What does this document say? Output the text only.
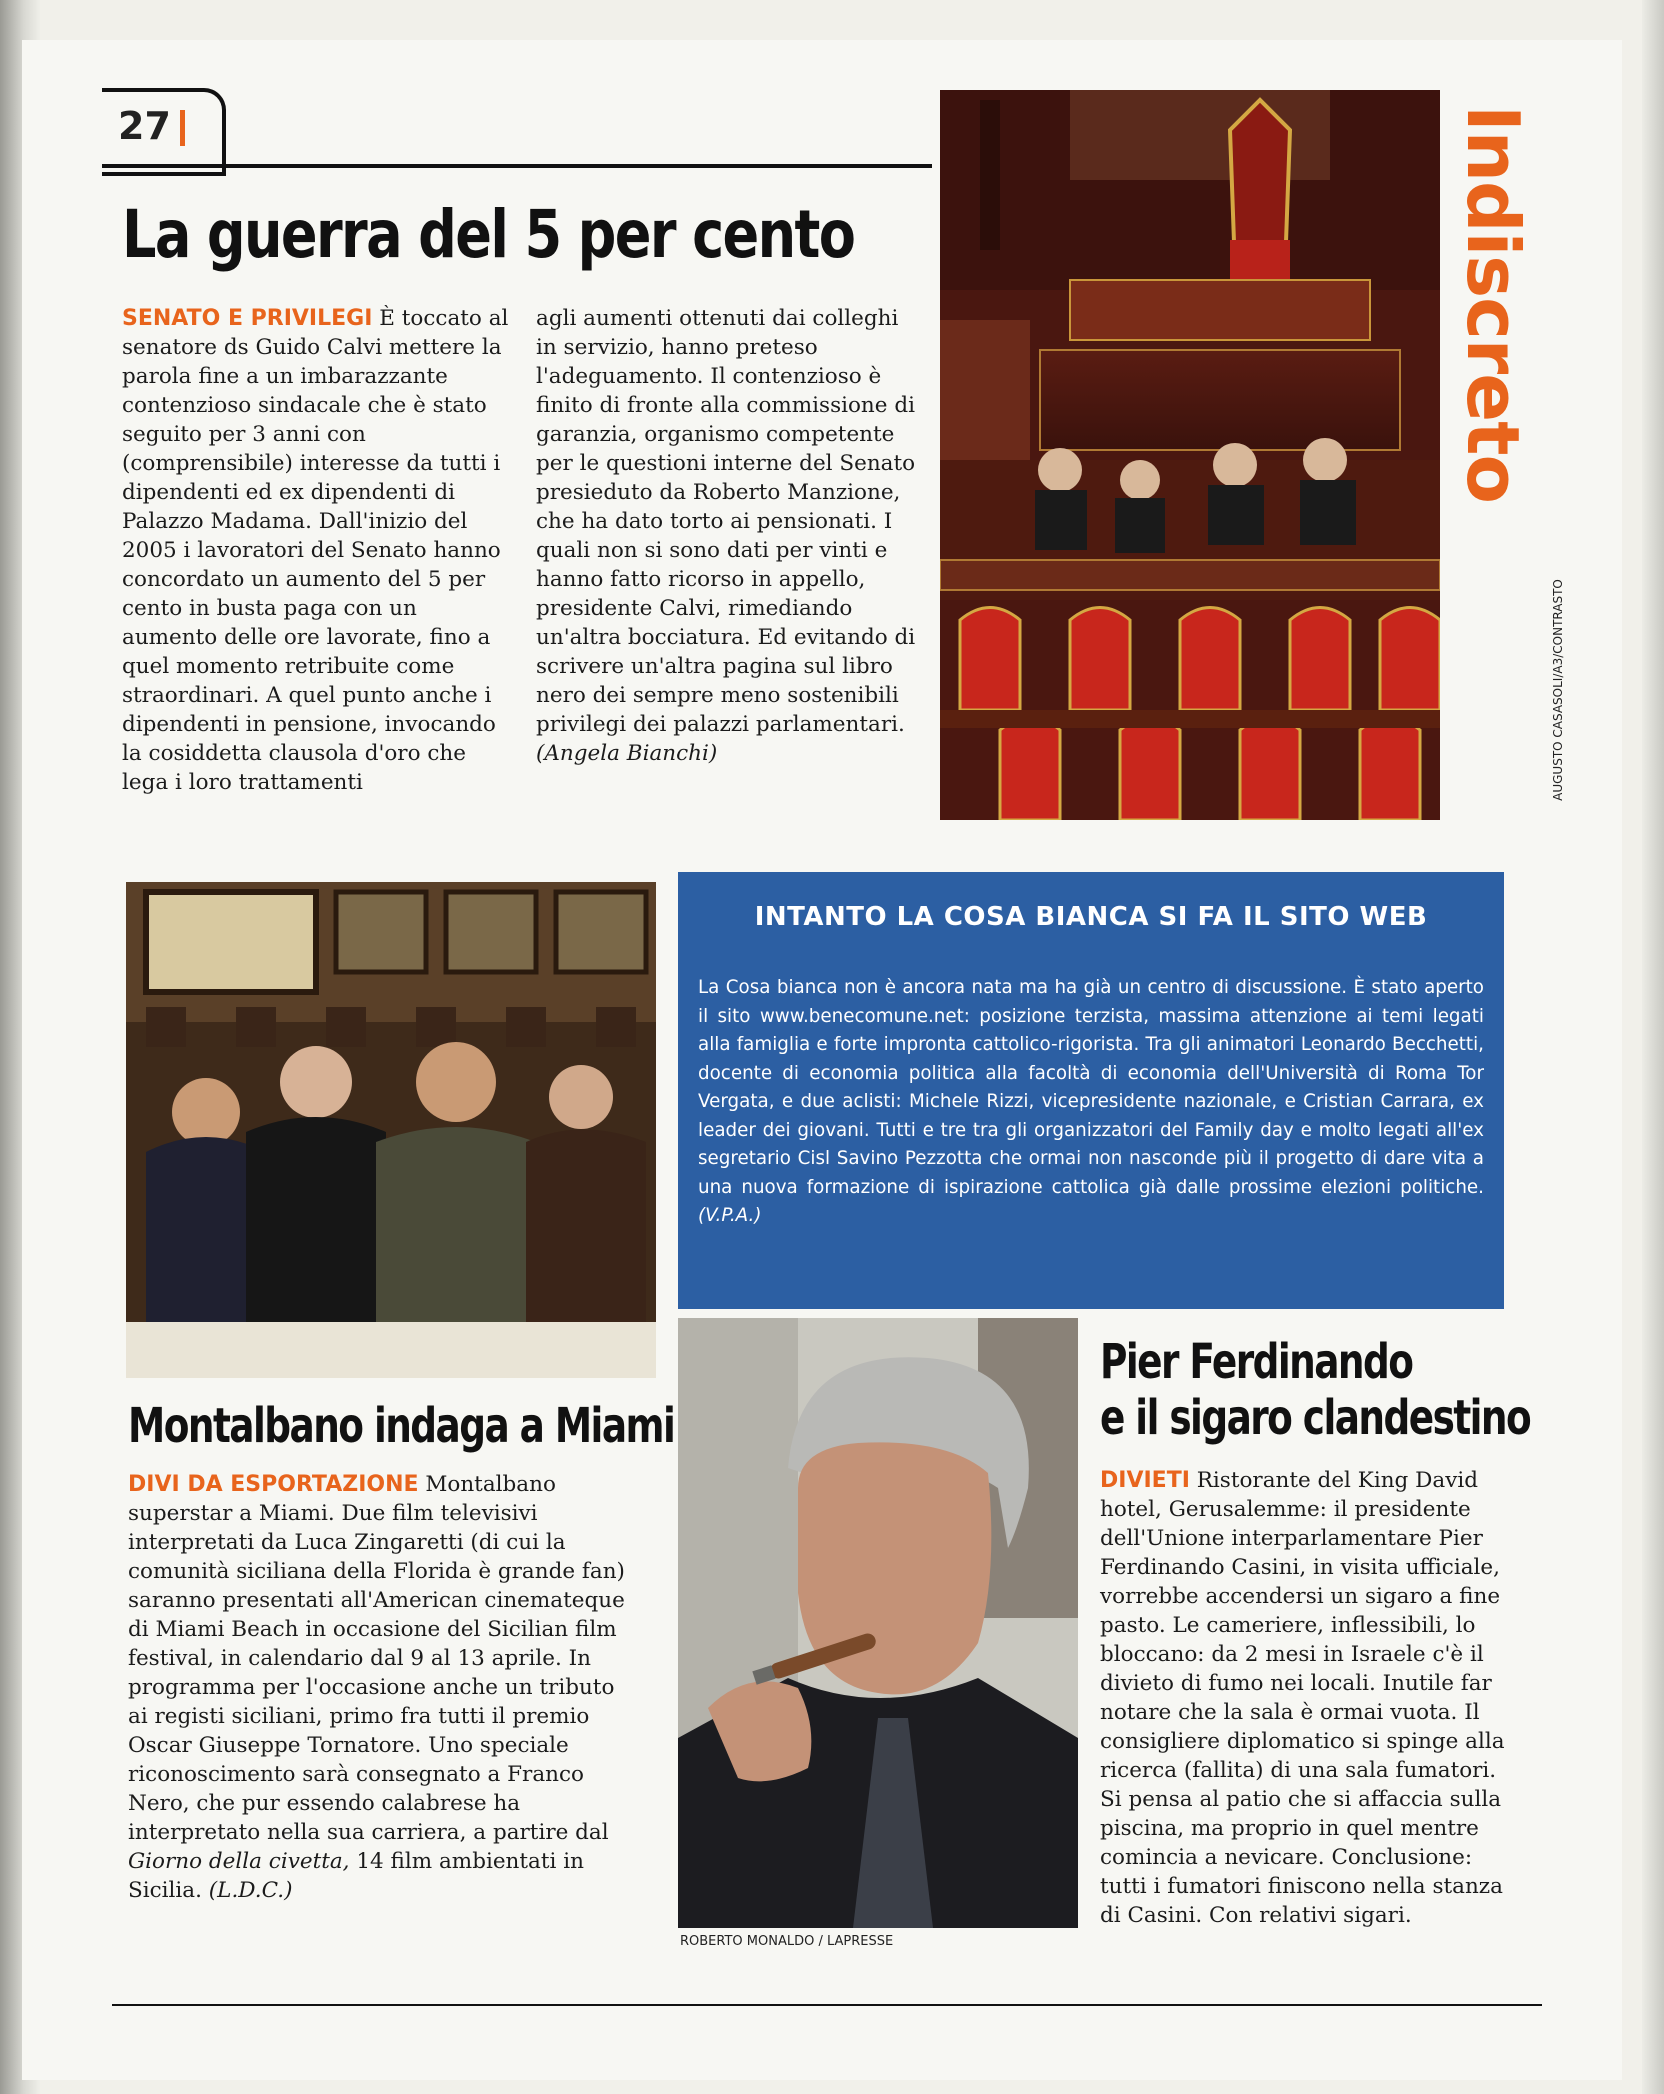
27	Indiscreto
AUGUSTO CASASOLI/A3/CONTRASTO
La guerra del 5 per cento
SENATO E PRIVILEGI È toccato al senatore ds Guido Calvi mettere la parola fine a un imbarazzante contenzioso sindacale che è stato seguito per 3 anni con (comprensibile) interesse da tutti i dipendenti ed ex dipendenti di Palazzo Madama. Dall'inizio del 2005 i lavoratori del Senato hanno concordato un aumento del 5 per cento in busta paga con un aumento delle ore lavorate, fino a quel momento retribuite come straordinari. A quel punto anche i dipendenti in pensione, invocando la cosiddetta clausola d'oro che lega i loro trattamenti
agli aumenti ottenuti dai colleghi in servizio, hanno preteso l'adeguamento. Il contenzioso è finito di fronte alla commissione di garanzia, organismo competente per le questioni interne del Senato presieduto da Roberto Manzione, che ha dato torto ai pensionati. I quali non si sono dati per vinti e hanno fatto ricorso in appello, presidente Calvi, rimediando un'altra bocciatura. Ed evitando di scrivere un'altra pagina sul libro nero dei sempre meno sostenibili privilegi dei palazzi parlamentari. (Angela Bianchi)
INTANTO LA COSA BIANCA SI FA IL SITO WEB
La Cosa bianca non è ancora nata ma ha già un centro di discussione. È stato aperto il sito www.benecomune.net: posizione terzista, massima attenzione ai temi legati alla famiglia e forte impronta cattolico-rigorista. Tra gli animatori Leonardo Becchetti, docente di economia politica alla facoltà di economia dell'Università di Roma Tor Vergata, e due aclisti: Michele Rizzi, vicepresidente nazionale, e Cristian Carrara, ex leader dei giovani. Tutti e tre tra gli organizzatori del Family day e molto legati all'ex segretario Cisl Savino Pezzotta che ormai non nasconde più il progetto di dare vita a una nuova formazione di ispirazione cattolica già dalle prossime elezioni politiche. (V.P.A.)
ROBERTO MONALDO / LAPRESSE
Montalbano indaga a Miami
DIVI DA ESPORTAZIONE Montalbano superstar a Miami. Due film televisivi interpretati da Luca Zingaretti (di cui la comunità siciliana della Florida è grande fan) saranno presentati all'American cinemateque di Miami Beach in occasione del Sicilian film festival, in calendario dal 9 al 13 aprile. In programma per l'occasione anche un tributo ai registi siciliani, primo fra tutti il premio Oscar Giuseppe Tornatore. Uno speciale riconoscimento sarà consegnato a Franco Nero, che pur essendo calabrese ha interpretato nella sua carriera, a partire dal Giorno della civetta, 14 film ambientati in Sicilia. (L.D.C.)
Pier Ferdinando
e il sigaro clandestino
DIVIETI Ristorante del King David hotel, Gerusalemme: il presidente dell'Unione interparlamentare Pier Ferdinando Casini, in visita ufficiale, vorrebbe accendersi un sigaro a fine pasto. Le cameriere, inflessibili, lo bloccano: da 2 mesi in Israele c'è il divieto di fumo nei locali. Inutile far notare che la sala è ormai vuota. Il consigliere diplomatico si spinge alla ricerca (fallita) di una sala fumatori. Si pensa al patio che si affaccia sulla piscina, ma proprio in quel mentre comincia a nevicare. Conclusione: tutti i fumatori finiscono nella stanza di Casini. Con relativi sigari.
